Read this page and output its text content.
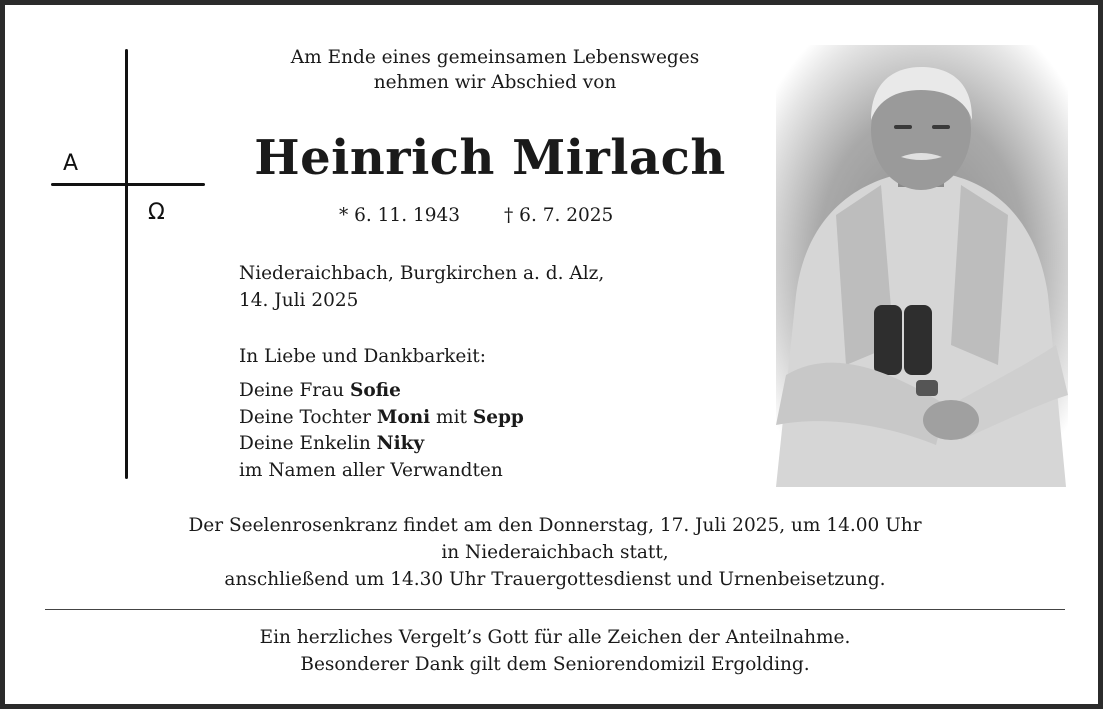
A
Ω
Am Ende eines gemeinsamen Lebensweges
nehmen wir Abschied von
Heinrich Mirlach
* 6. 11. 1943 † 6. 7. 2025
Niederaichbach, Burgkirchen a. d. Alz,
14. Juli 2025
In Liebe und Dankbarkeit:
Deine Frau Sofie
Deine Tochter Moni mit Sepp
Deine Enkelin Niky
im Namen aller Verwandten
Der Seelenrosenkranz findet am den Donnerstag, 17. Juli 2025, um 14.00 Uhr
in Niederaichbach statt,
anschließend um 14.30 Uhr Trauergottesdienst und Urnenbeisetzung.
Ein herzliches Vergelt’s Gott für alle Zeichen der Anteilnahme.
Besonderer Dank gilt dem Seniorendomizil Ergolding.
